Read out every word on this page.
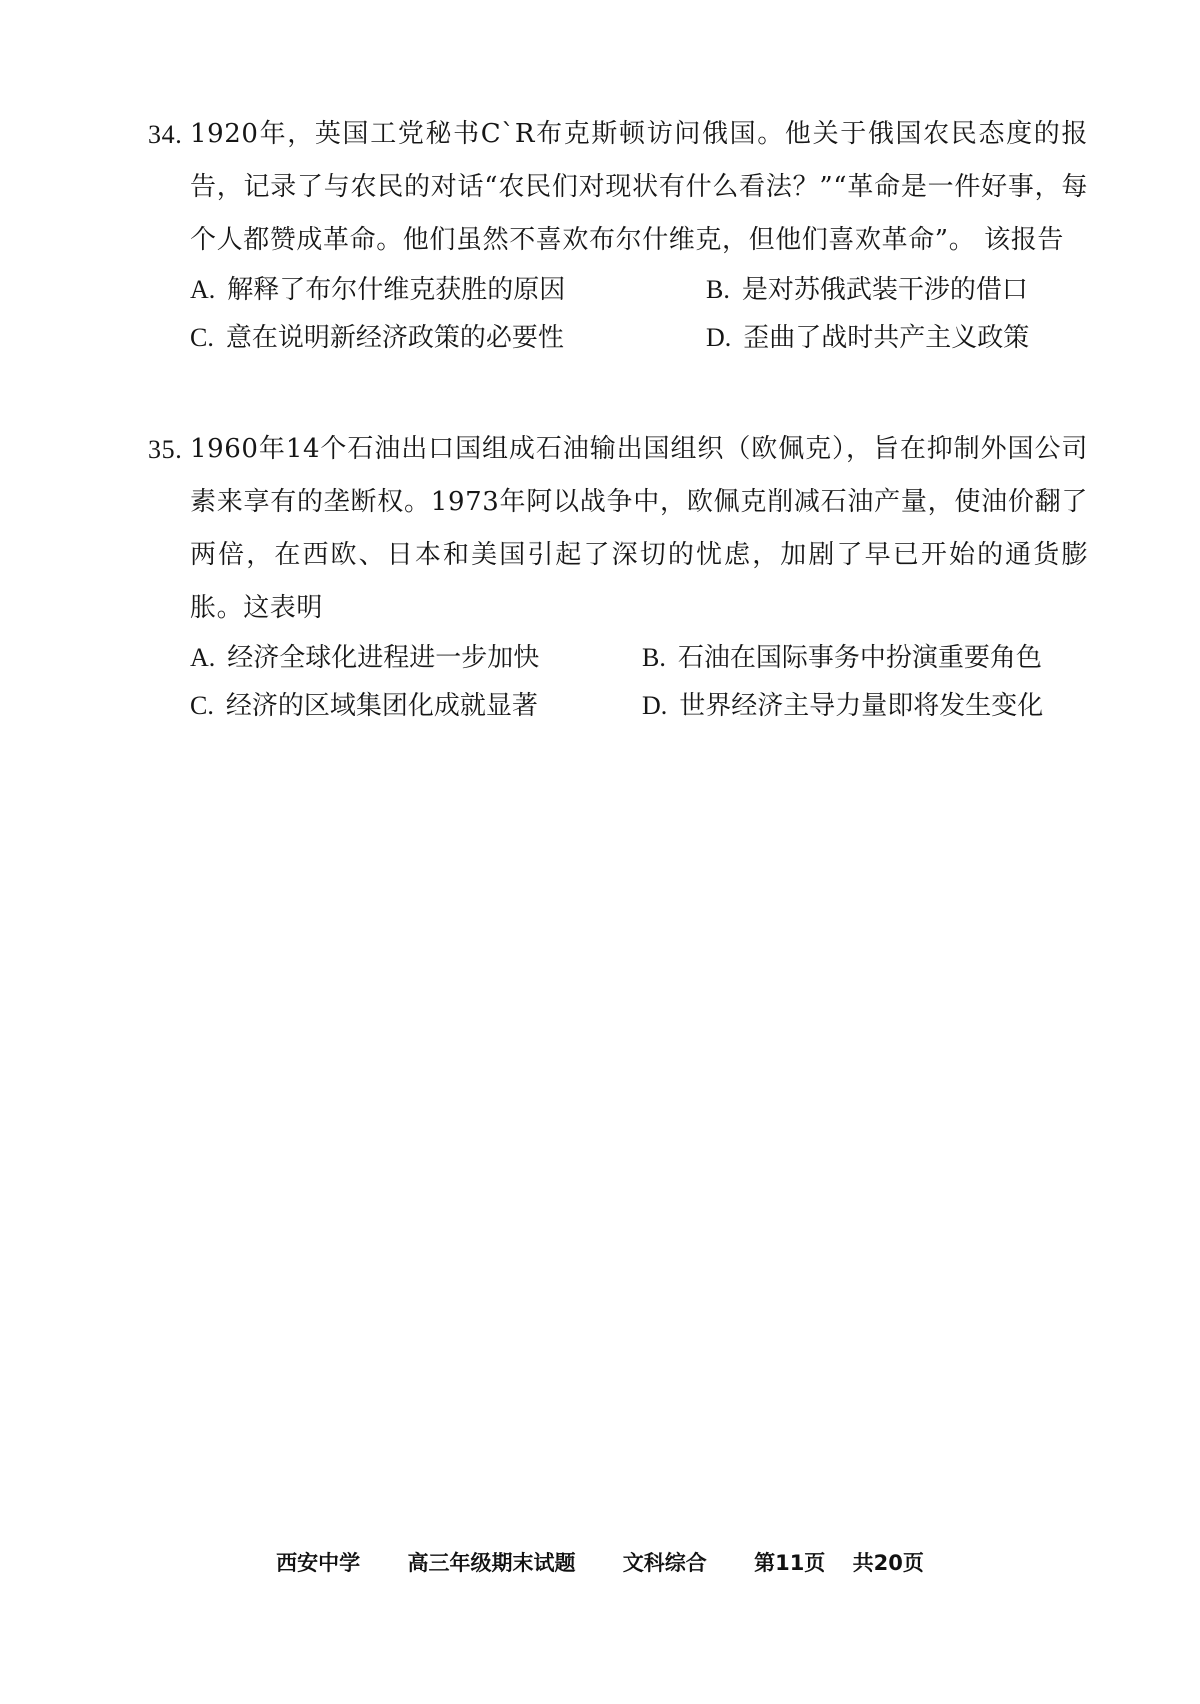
34. 1920年，英国工党秘书C`R布克斯顿访问俄国。他关于俄国农民态度的报告，记录了与农民的对话“农民们对现状有什么看法？”“革命是一件好事，每个人都赞成革命。他们虽然不喜欢布尔什维克，但他们喜欢革命”。 该报告
A. 解释了布尔什维克获胜的原因	B. 是对苏俄武装干涉的借口
C. 意在说明新经济政策的必要性	D. 歪曲了战时共产主义政策
35. 1960年14个石油出口国组成石油输出国组织（欧佩克），旨在抑制外国公司素来享有的垄断权。1973年阿以战争中，欧佩克削减石油产量，使油价翻了两倍，在西欧、日本和美国引起了深切的忧虑，加剧了早已开始的通货膨胀。这表明
A. 经济全球化进程进一步加快	B. 石油在国际事务中扮演重要角色
C. 经济的区域集团化成就显著	D. 世界经济主导力量即将发生变化
西安中学 高三年级期末试题 文科综合 第11页 共20页
